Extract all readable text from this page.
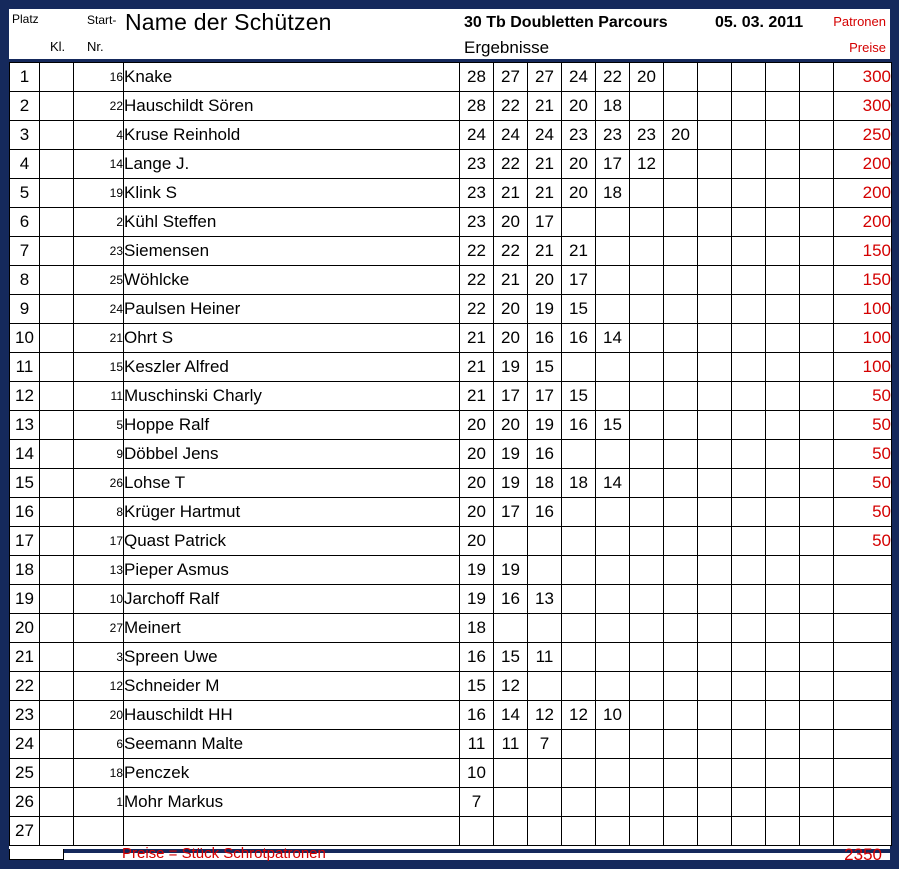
Platz
Kl.
Start-
Nr.
Name der Schützen	30 Tb Doubletten Parcours	05. 03. 2011
Ergebnisse
Patronen
Preise
1		16	Knake	28	27	27	24	22	20						300
2		22	Hauschildt Sören	28	22	21	20	18							300
3		4	Kruse Reinhold	24	24	24	23	23	23	20					250
4		14	Lange J.	23	22	21	20	17	12						200
5		19	Klink S	23	21	21	20	18							200
6		2	Kühl Steffen	23	20	17									200
7		23	Siemensen	22	22	21	21								150
8		25	Wöhlcke	22	21	20	17								150
9		24	Paulsen Heiner	22	20	19	15								100
10		21	Ohrt S	21	20	16	16	14							100
11		15	Keszler Alfred	21	19	15									100
12		11	Muschinski Charly	21	17	17	15								50
13		5	Hoppe Ralf	20	20	19	16	15							50
14		9	Döbbel Jens	20	19	16									50
15		26	Lohse T	20	19	18	18	14							50
16		8	Krüger Hartmut	20	17	16									50
17		17	Quast Patrick	20											50
18		13	Pieper Asmus	19	19										
19		10	Jarchoff Ralf	19	16	13									
20		27	Meinert	18											
21		3	Spreen Uwe	16	15	11									
22		12	Schneider M	15	12										
23		20	Hauschildt HH	16	14	12	12	10							
24		6	Seemann Malte	11	11	7									
25		18	Penczek	10											
26		1	Mohr Markus	7											
27															
Preise = Stück Schrotpatronen	2350
